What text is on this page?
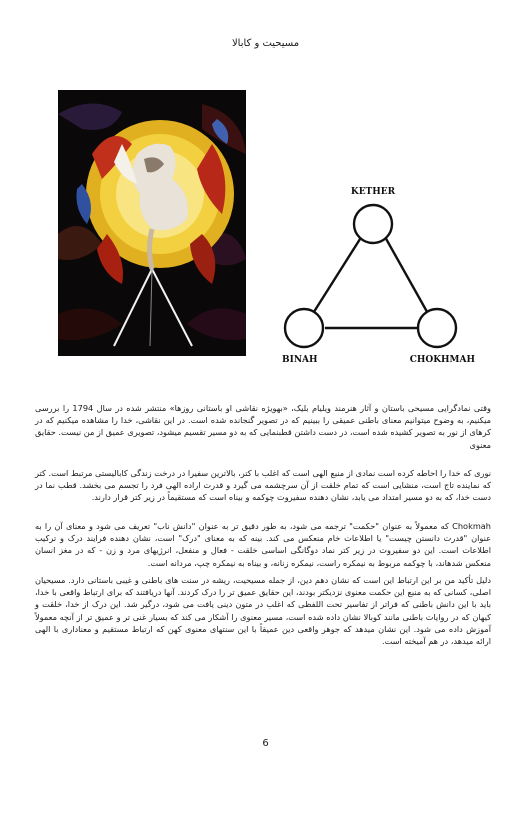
مسیحیت و کابالا
KETHER
BINAH	CHOKHMAH

وقتی نمادگرایی مسیحی باستان و آثار هنرمند ویلیام بلیک، «بهویژه نقاشی او باستانی روزها» منتشر شده در سال 1794 را بررسی میکنیم، به وضوح میتوانیم معنای باطنی عمیقی را ببینیم که در تصویر گنجانده شده است. در این نقاشی، خدا را مشاهده میکنیم که در کرهای از نور به تصویر کشیده شده است، در دست داشتن قطبنمایی که به دو مسیر تقسیم میشود، تصویری عمیق از من نیست. حقایق معنوی

نوری که خدا را احاطه کرده است نمادی از منبع الهی است که اغلب با کتر، بالاترین سفیرا در درخت زندگی کابالیستی مرتبط است. کتر که نماینده تاج است، منشایی است که تمام خلقت از آن سرچشمه می گیرد و قدرت اراده الهی فرد را تجسم می بخشد. قطب نما در دست خدا، که به دو مسیر امتداد می یابد، نشان دهنده سفیروت چوکمه و بیناه است که مستقیماً در زیر کتر قرار دارند.

Chokmah که معمولاً به عنوان "حکمت" ترجمه می شود، به طور دقیق تر به عنوان "دانش ناب" تعریف می شود و معنای آن را به عنوان "قدرت دانستن چیست" یا اطلاعات خام منعکس می کند. بینه که به معنای "درک" است، نشان دهنده فرایند درک و ترکیب اطلاعات است. این دو سفیروت در زیر کتر نماد دوگانگی اساسی خلقت - فعال و منفعل، انرژیهای مرد و زن - که در مغز انسان منعکس شدهاند، با چوکمه مربوط به نیمکره راست، نیمکره زنانه، و بیناه به نیمکره چپ، مردانه است.

دلیل تأکید من بر این ارتباط این است که نشان دهم دین، از جمله مسیحیت، ریشه در سنت های باطنی و غیبی باستانی دارد. مسیحیان اصلی، کسانی که به منبع این حکمت معنوی نزدیکتر بودند، این حقایق عمیق تر را درک کردند. آنها دریافتند که برای ارتباط واقعی با خدا، باید با این دانش باطنی که فراتر از تفاسیر تحت اللفظی که اغلب در متون دینی یافت می شود، درگیر شد. این درک از خدا، خلقت و کیهان که در روایات باطنی مانند کوبالا نشان داده شده است، مسیر معنوی را آشکار می کند که بسیار غنی تر و عمیق تر از آنچه معمولاً آموزش داده می شود. این نشان میدهد که جوهر واقعی دین عمیقاً با این سنتهای معنوی کهن که ارتباط مستقیم و معناداری با الهی ارائه میدهد، در هم آمیخته است.

6
